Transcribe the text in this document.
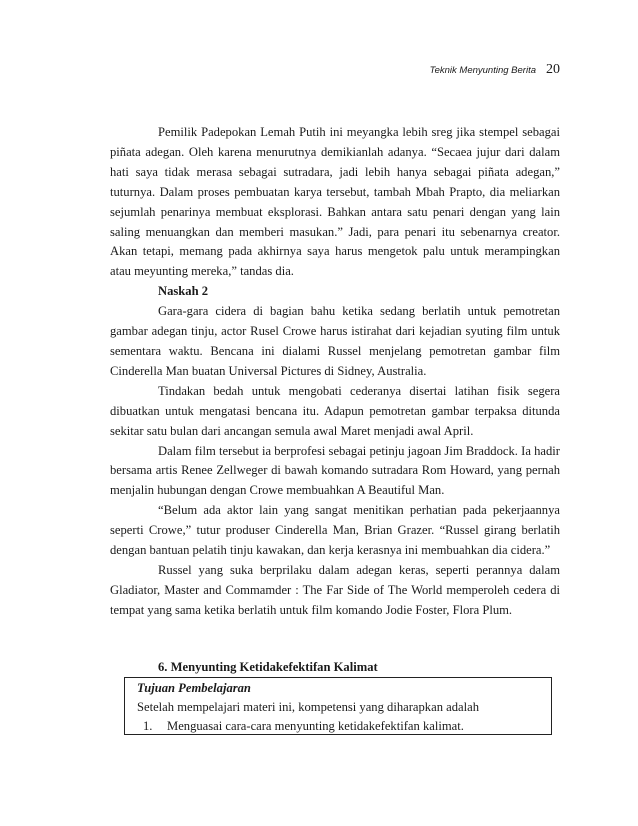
Teknik Menyunting Berita 20

Pemilik Padepokan Lemah Putih ini meyangka lebih sreg jika stempel sebagai piñata adegan. Oleh karena menurutnya demikianlah adanya. “Secaea jujur dari dalam hati saya tidak merasa sebagai sutradara, jadi lebih hanya sebagai piñata adegan,” tuturnya. Dalam proses pembuatan karya tersebut, tambah Mbah Prapto, dia meliarkan sejumlah penarinya membuat eksplorasi. Bahkan antara satu penari dengan yang lain saling menuangkan dan memberi masukan.” Jadi, para penari itu sebenarnya creator. Akan tetapi, memang pada akhirnya saya harus mengetok palu untuk merampingkan atau meyunting mereka,” tandas dia.

Naskah 2

Gara-gara cidera di bagian bahu ketika sedang berlatih untuk pemotretan gambar adegan tinju, actor Rusel Crowe harus istirahat dari kejadian syuting film untuk sementara waktu. Bencana ini dialami Russel menjelang pemotretan gambar film Cinderella Man buatan Universal Pictures di Sidney, Australia.

Tindakan bedah untuk mengobati cederanya disertai latihan fisik segera dibuatkan untuk mengatasi bencana itu. Adapun pemotretan gambar terpaksa ditunda sekitar satu bulan dari ancangan semula awal Maret menjadi awal April.

Dalam film tersebut ia berprofesi sebagai petinju jagoan Jim Braddock. Ia hadir bersama artis Renee Zellweger di bawah komando sutradara Rom Howard, yang pernah menjalin hubungan dengan Crowe membuahkan A Beautiful Man.

“Belum ada aktor lain yang sangat menitikan perhatian pada pekerjaannya seperti Crowe,” tutur produser Cinderella Man, Brian Grazer. “Russel girang berlatih dengan bantuan pelatih tinju kawakan, dan kerja kerasnya ini membuahkan dia cidera.”

Russel yang suka berprilaku dalam adegan keras, seperti perannya dalam Gladiator, Master and Commamder : The Far Side of The World memperoleh cedera di tempat yang sama ketika berlatih untuk film komando Jodie Foster, Flora Plum.

6. Menyunting Ketidakefektifan Kalimat
Tujuan Pembelajaran
Setelah mempelajari materi ini, kompetensi yang diharapkan adalah
1. Menguasai cara-cara menyunting ketidakefektifan kalimat.
